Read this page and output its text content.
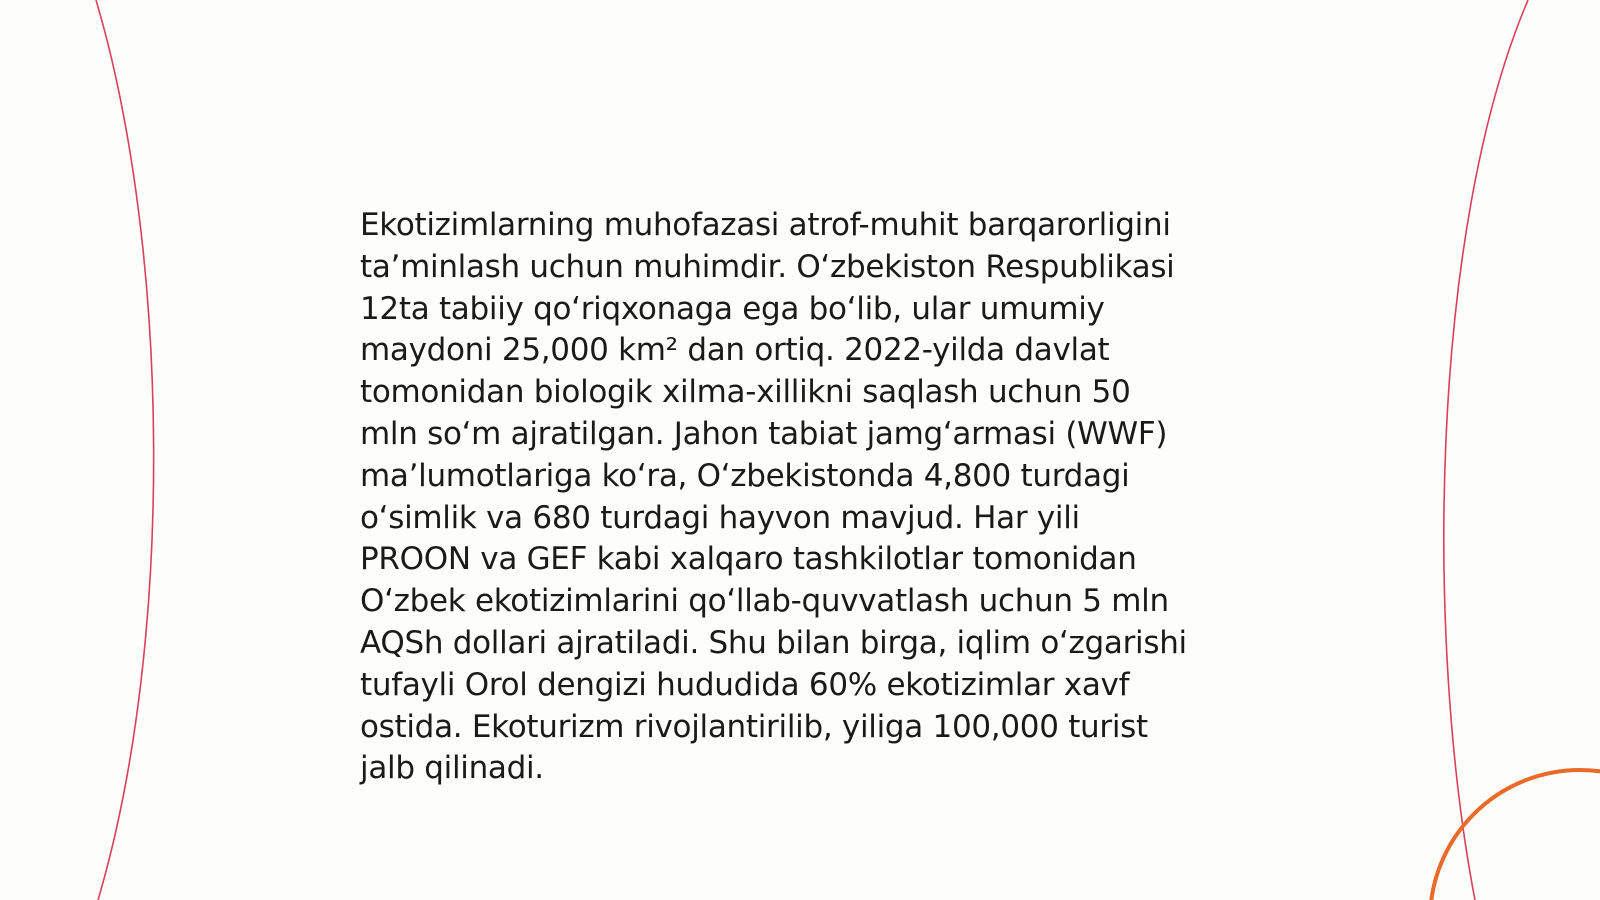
Ekotizimlarning muhofazasi atrof-muhit barqarorligini
ta’minlash uchun muhimdir. O‘zbekiston Respublikasi
12ta tabiiy qo‘riqxonaga ega bo‘lib, ular umumiy
maydoni 25,000 km² dan ortiq. 2022-yilda davlat
tomonidan biologik xilma-xillikni saqlash uchun 50
mln so‘m ajratilgan. Jahon tabiat jamg‘armasi (WWF)
ma’lumotlariga ko‘ra, O‘zbekistonda 4,800 turdagi
o‘simlik va 680 turdagi hayvon mavjud. Har yili
PROON va GEF kabi xalqaro tashkilotlar tomonidan
O‘zbek ekotizimlarini qo‘llab-quvvatlash uchun 5 mln
AQSh dollari ajratiladi. Shu bilan birga, iqlim o‘zgarishi
tufayli Orol dengizi hududida 60% ekotizimlar xavf
ostida. Ekoturizm rivojlantirilib, yiliga 100,000 turist
jalb qilinadi.
